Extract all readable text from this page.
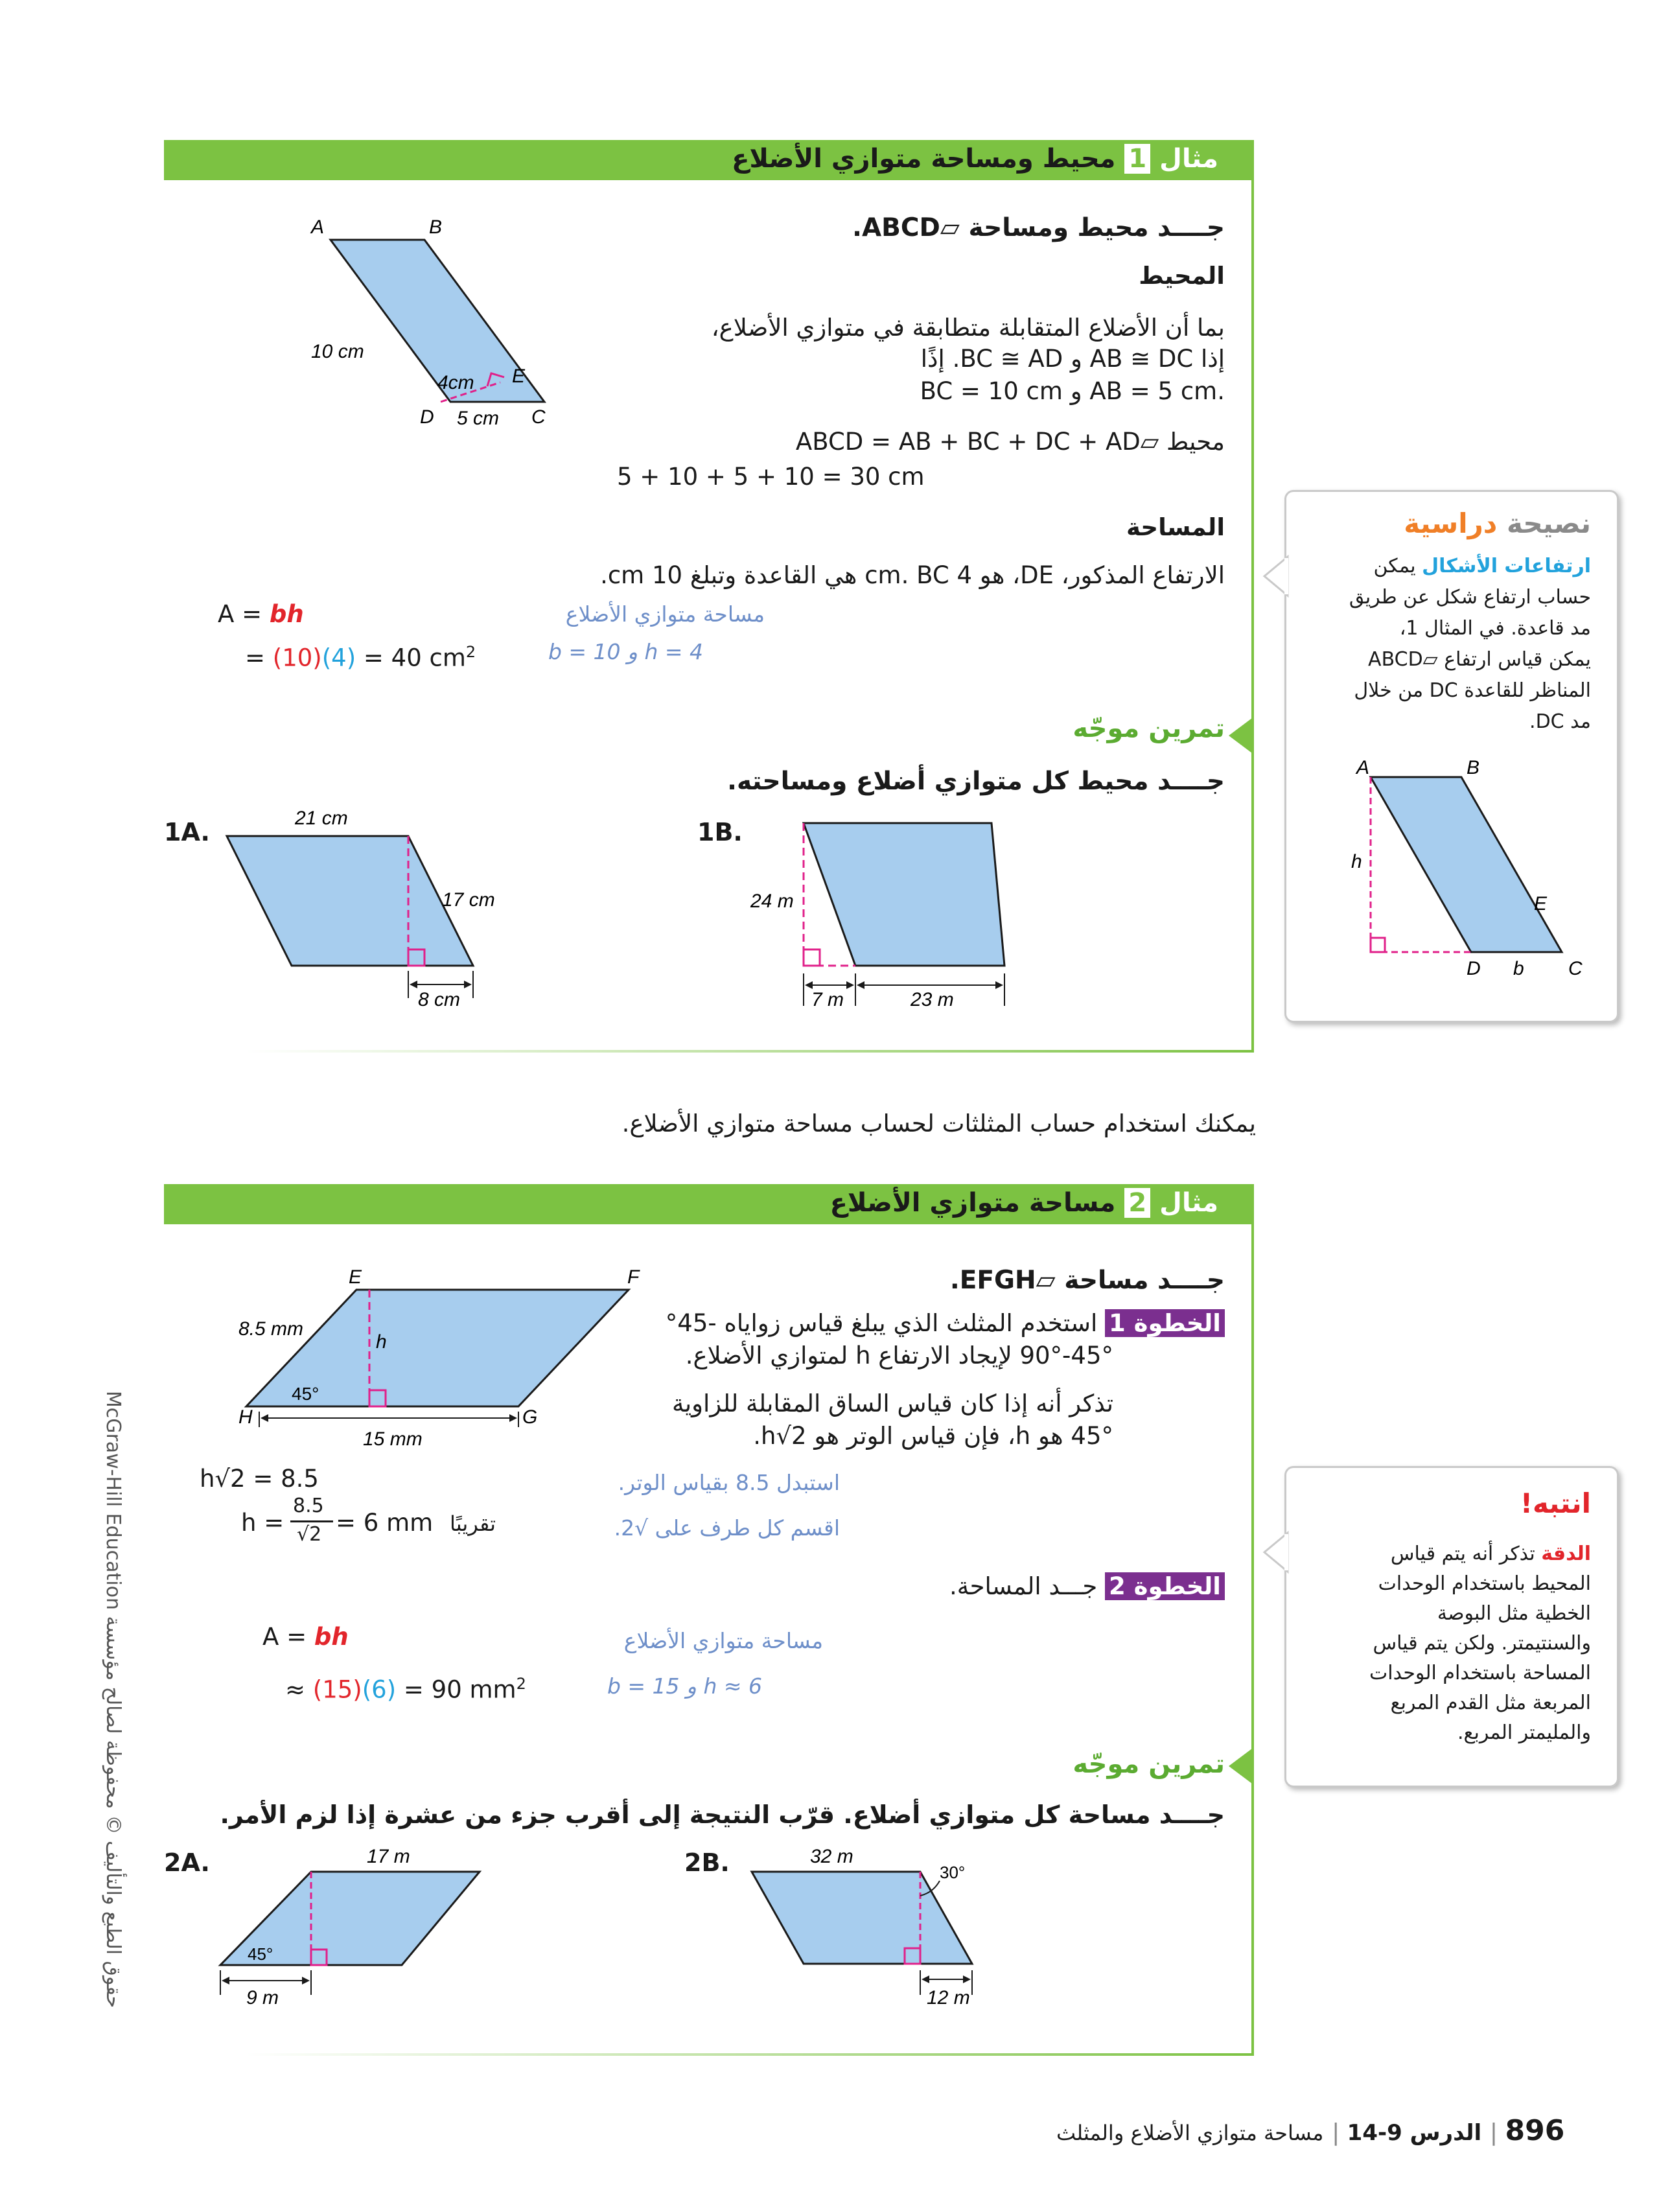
مثال 1 محيط ومساحة متوازي الأضلاع
A	B
C
D
E
10 cm
4cm
5 cm
جــــد محيط ومساحة ▱ABCD.
المحيط
بما أن الأضلاع المتقابلة متطابقة في متوازي الأضلاع،
إذا AB ≅ DC و BC ≅ AD. إذًا
BC = 10 cm و AB = 5 cm.
محيط ▱ABCD = AB + BC + DC + AD
5 + 10 + 5 + 10 = 30 cm
المساحة
الارتفاع المذكور، DE، هو 4 cm. BC هي القاعدة وتبلغ 10 cm.
A = bh
= (10)(4) = 40 $cm^2$
مساحة متوازي الأضلاع
b = 10 و h = 4
تمرين موجّه
جــــد محيط كل متوازي أضلاع ومساحته.
1A.	21 cm
17 cm
8 cm
1B.
24 m
7 m	23 m
نصيحة دراسية
ارتفاعات الأشكال يمكن
حساب ارتفاع شكل عن طريق
مد قاعدة. في المثال 1،
يمكن قياس ارتفاع ▱ABCD
المناظر للقاعدة DC من خلال
مد DC.
A	B
C
D
E
h
b
يمكنك استخدام حساب المثلثات لحساب مساحة متوازي الأضلاع.
مثال 2 مساحة متوازي الأضلاع
E	F
G
H
h
8.5 mm
45°
15 mm
جــــد مساحة ▱EFGH.
الخطوة 1 استخدم المثلث الذي يبلغ قياس زواياه -45°
45°-90° لإيجاد الارتفاع h لمتوازي الأضلاع.
تذكر أنه إذا كان قياس الساق المقابلة للزاوية
45° هو h، فإن قياس الوتر هو h√2.
h√2 = 8.5
h =
8.5
√2 = 6 mm تقريبًا
استبدل 8.5 بقياس الوتر.
اقسم كل طرف على √2.
الخطوة 2 جـــد المساحة.
A = bh
≈ (15)(6) = 90 $mm^2$
مساحة متوازي الأضلاع
b = 15 و h ≈ 6
انتبه!
الدقة تذكر أنه يتم قياس
المحيط باستخدام الوحدات
الخطية مثل البوصة
والسنتيمتر. ولكن يتم قياس
المساحة باستخدام الوحدات
المربعة مثل القدم المربع
والمليمتر المربع.
تمرين موجّه
جــــد مساحة كل متوازي أضلاع. قرّب النتيجة إلى أقرب جزء من عشرة إذا لزم الأمر.
2A.	17 m
45°
9 m
2B.	32 m
30°
12 m
حقوق الطبع والتأليف © محفوظة لصالح مؤسسة McGraw-Hill Education
مساحة متوازي الأضلاع والمثلث | الدرس 9-14 | 896
